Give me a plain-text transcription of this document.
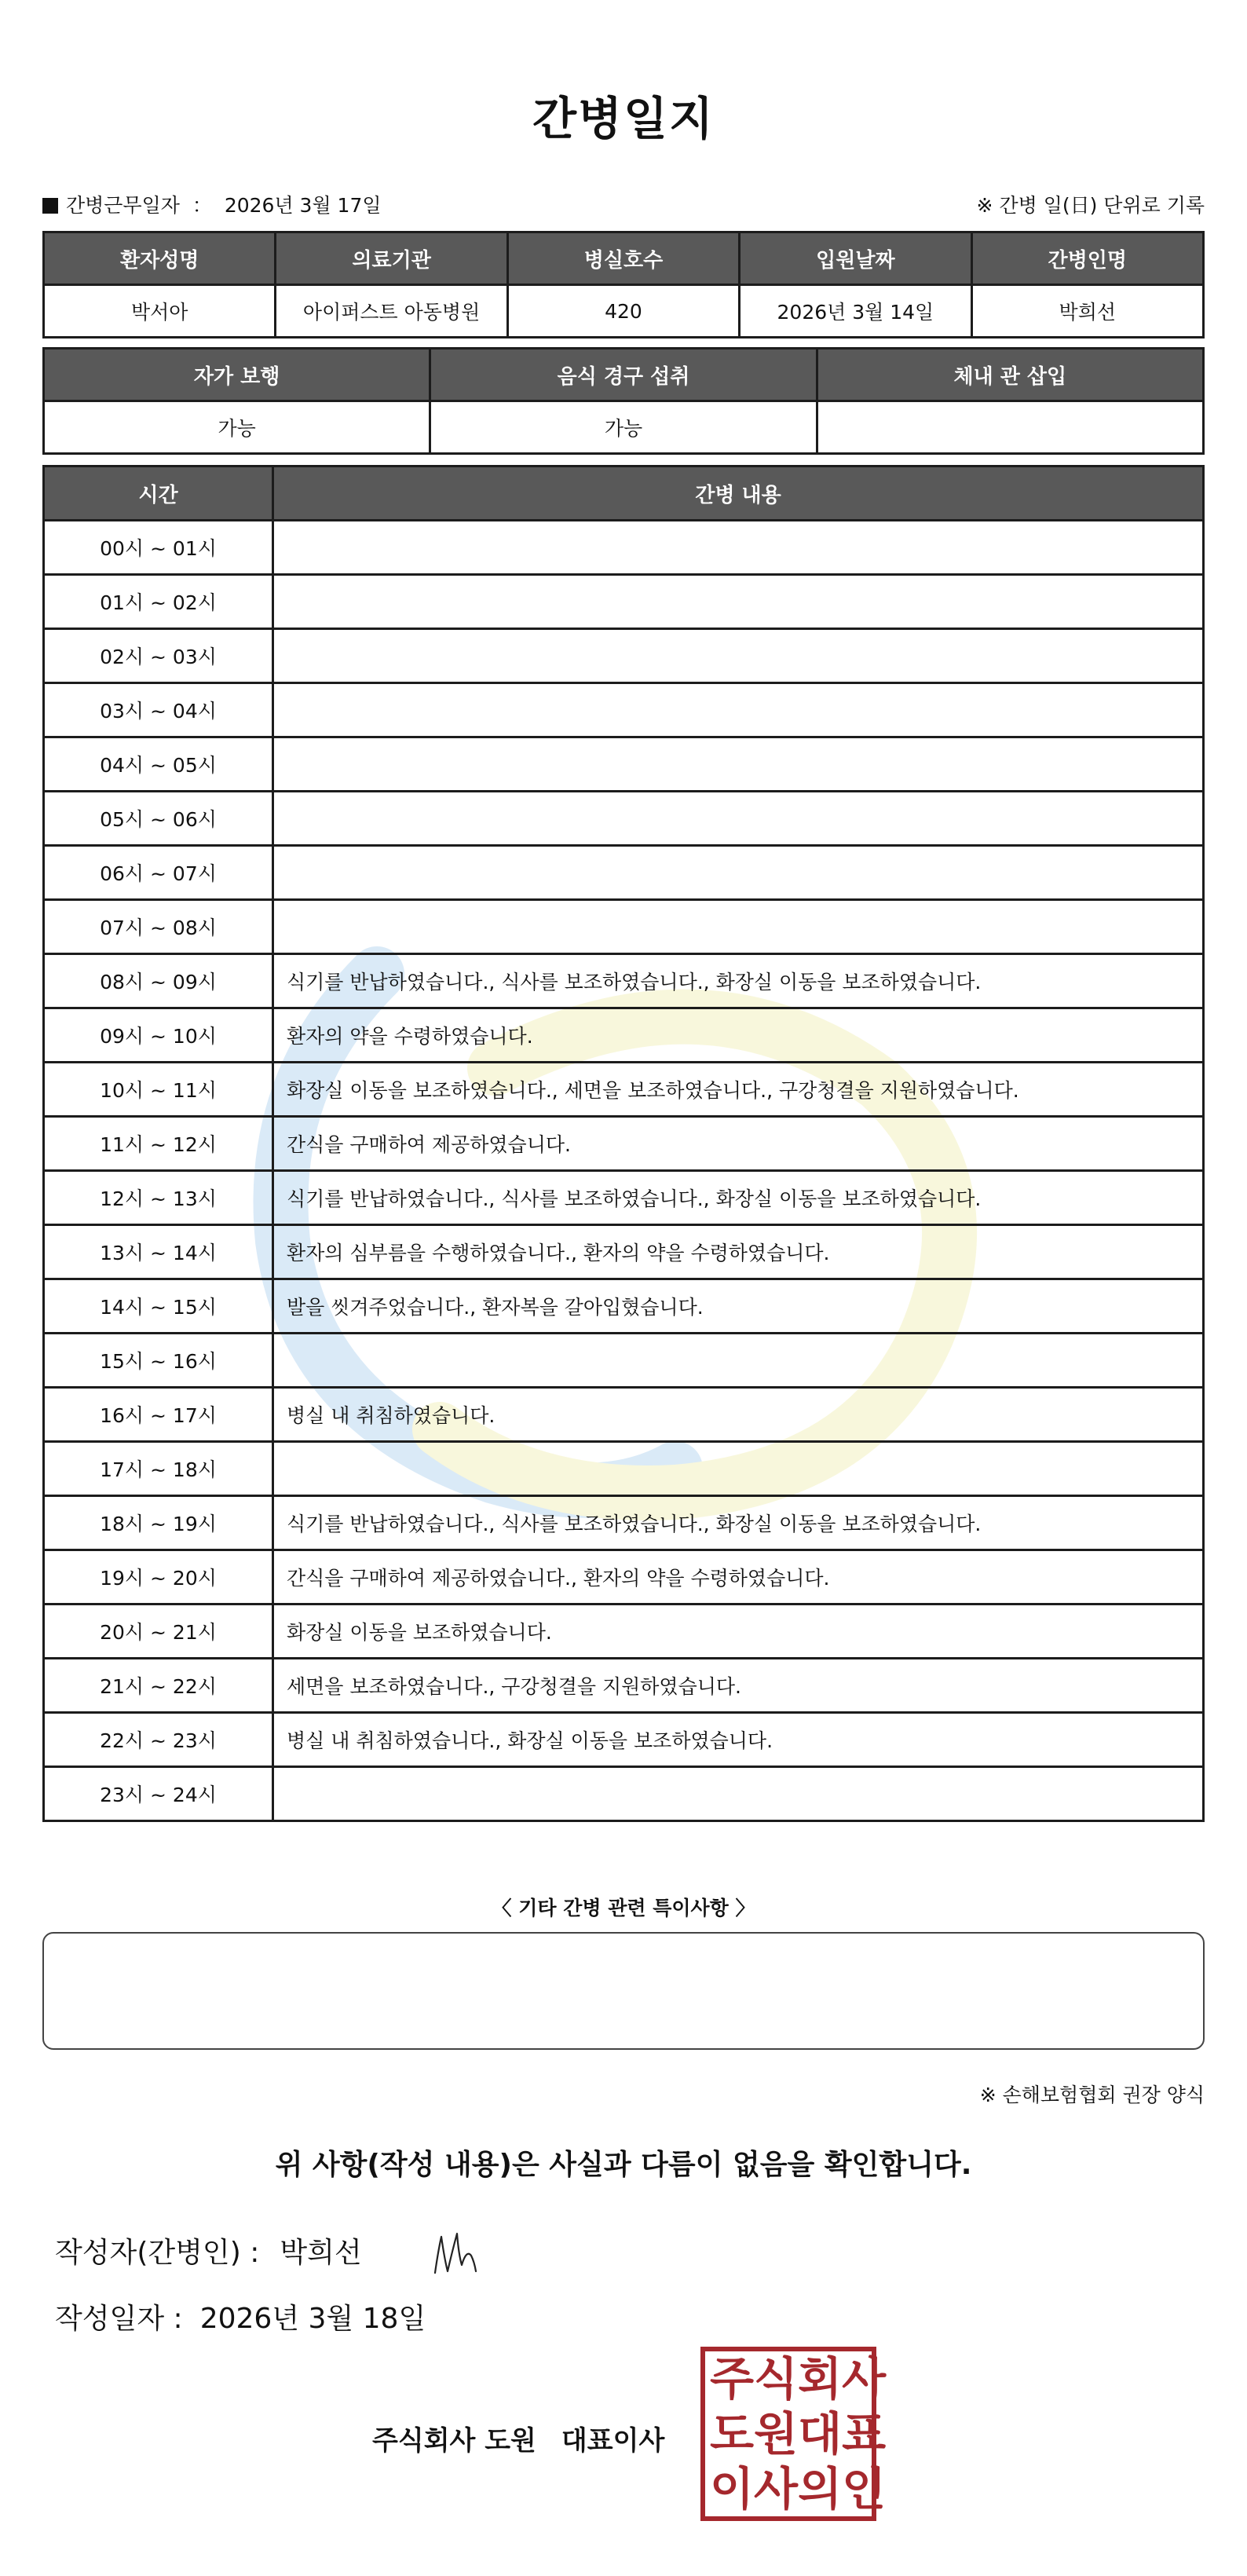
간병일지
간병근무일자 ： 2026년 3월 17일	※ 간병 일(日) 단위로 기록
환자성명	의료기관	병실호수	입원날짜	간병인명
박서아	아이퍼스트 아동병원	420	2026년 3월 14일	박희선
자가 보행	음식 경구 섭취	체내 관 삽입
가능	가능	
시간	간병 내용
00시 ~ 01시	
01시 ~ 02시	
02시 ~ 03시	
03시 ~ 04시	
04시 ~ 05시	
05시 ~ 06시	
06시 ~ 07시	
07시 ~ 08시	
08시 ~ 09시	식기를 반납하였습니다., 식사를 보조하였습니다., 화장실 이동을 보조하였습니다.
09시 ~ 10시	환자의 약을 수령하였습니다.
10시 ~ 11시	화장실 이동을 보조하였습니다., 세면을 보조하였습니다., 구강청결을 지원하였습니다.
11시 ~ 12시	간식을 구매하여 제공하였습니다.
12시 ~ 13시	식기를 반납하였습니다., 식사를 보조하였습니다., 화장실 이동을 보조하였습니다.
13시 ~ 14시	환자의 심부름을 수행하였습니다., 환자의 약을 수령하였습니다.
14시 ~ 15시	발을 씻겨주었습니다., 환자복을 갈아입혔습니다.
15시 ~ 16시	
16시 ~ 17시	병실 내 취침하였습니다.
17시 ~ 18시	
18시 ~ 19시	식기를 반납하였습니다., 식사를 보조하였습니다., 화장실 이동을 보조하였습니다.
19시 ~ 20시	간식을 구매하여 제공하였습니다., 환자의 약을 수령하였습니다.
20시 ~ 21시	화장실 이동을 보조하였습니다.
21시 ~ 22시	세면을 보조하였습니다., 구강청결을 지원하였습니다.
22시 ~ 23시	병실 내 취침하였습니다., 화장실 이동을 보조하였습니다.
23시 ~ 24시	
〈 기타 간병 관련 특이사항 〉
※ 손해보험협회 권장 양식
위 사항(작성 내용)은 사실과 다름이 없음을 확인합니다.
작성자(간병인) : 박희선
작성일자 : 2026년 3월 18일
주식회사 도원 대표이사
주 식 회 사
도 원 대 표
이 사 의 인
